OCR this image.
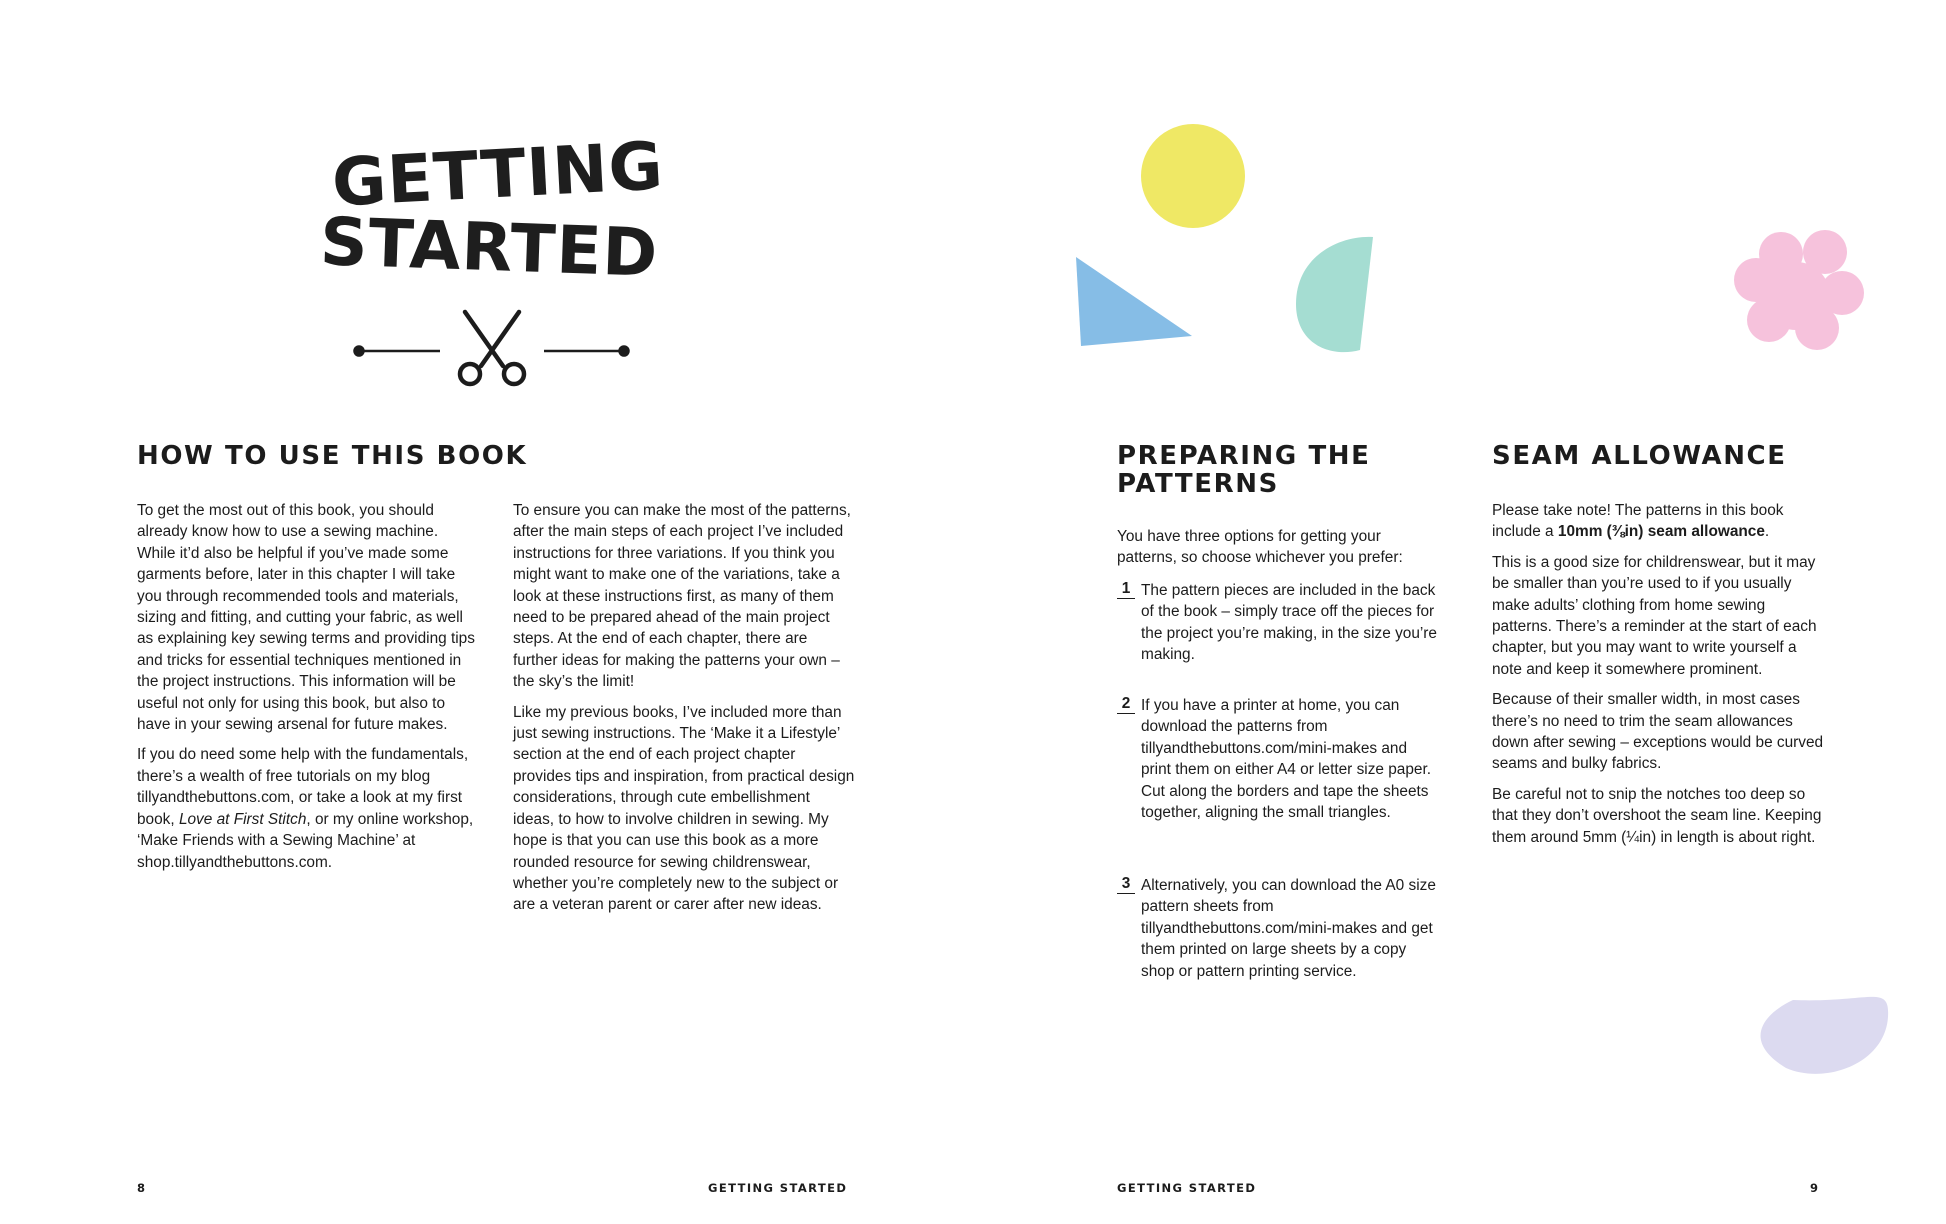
GETTING
STARTED
HOW TO USE THIS BOOK

To get the most out of this book, you should already know how to use a sewing machine. While it’d also be helpful if you’ve made some garments before, later in this chapter I will take you through recommended tools and materials, sizing and fitting, and cutting your fabric, as well as explaining key sewing terms and providing tips and tricks for essential techniques mentioned in the project instructions. This information will be useful not only for using this book, but also to have in your sewing arsenal for future makes.

If you do need some help with the fundamentals, there’s a wealth of free tutorials on my blog tillyandthebuttons.com, or take a look at my first book, Love at First Stitch, or my online workshop, ‘Make Friends with a Sewing Machine’ at shop.tillyandthebuttons.com.

To ensure you can make the most of the patterns, after the main steps of each project I’ve included instructions for three variations. If you think you might want to make one of the variations, take a look at these instructions first, as many of them need to be prepared ahead of the main project steps. At the end of each chapter, there are further ideas for making the patterns your own – the sky’s the limit!

Like my previous books, I’ve included more than just sewing instructions. The ‘Make it a Lifestyle’ section at the end of each project chapter provides tips and inspiration, from practical design considerations, through cute embellishment ideas, to how to involve children in sewing. My hope is that you can use this book as a more rounded resource for sewing childrenswear, whether you’re completely new to the subject or are a veteran parent or carer after new ideas.

PREPARING THE
PATTERNS

You have three options for getting your patterns, so choose whichever you prefer:

1 The pattern pieces are included in the back of the book – simply trace off the pieces for the project you’re making, in the size you’re making.
2 If you have a printer at home, you can download the patterns from tillyandthebuttons.com/mini-makes and print them on either A4 or letter size paper. Cut along the borders and tape the sheets together, aligning the small triangles.
3 Alternatively, you can download the A0 size pattern sheets from tillyandthebuttons.com/mini-makes and get them printed on large sheets by a copy shop or pattern printing service.
SEAM ALLOWANCE

Please take note! The patterns in this book include a 10mm (⅜in) seam allowance.

This is a good size for childrenswear, but it may be smaller than you’re used to if you usually make adults’ clothing from home sewing patterns. There’s a reminder at the start of each chapter, but you may want to write yourself a note and keep it somewhere prominent.

Because of their smaller width, in most cases there’s no need to trim the seam allowances down after sewing – exceptions would be curved seams and bulky fabrics.

Be careful not to snip the notches too deep so that they don’t overshoot the seam line. Keeping them around 5mm (¼in) in length is about right.

8	GETTING STARTED	GETTING STARTED	9
